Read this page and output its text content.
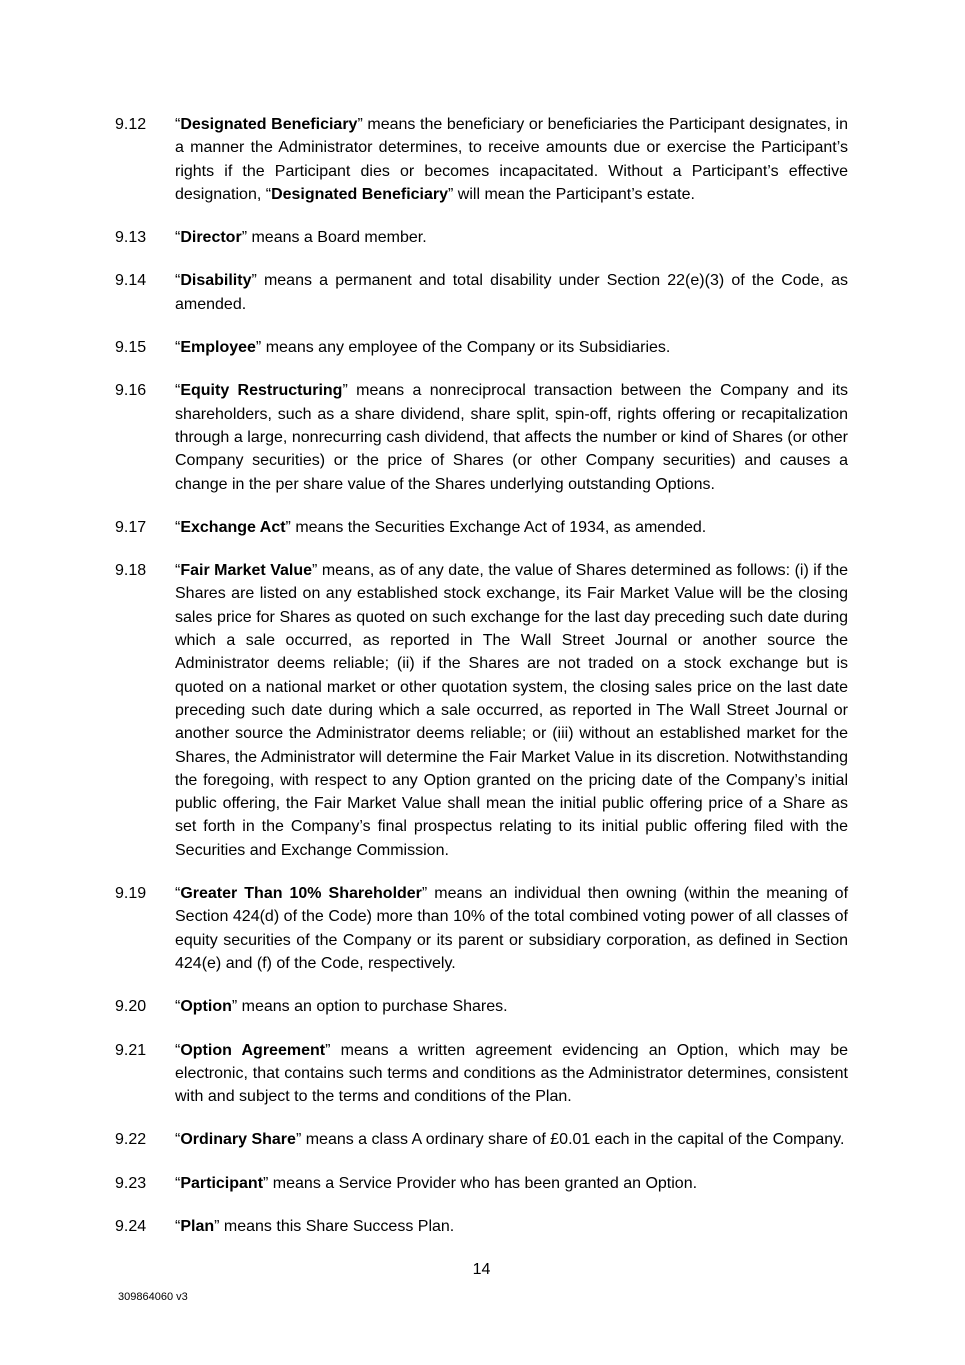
9.12	“Designated Beneficiary” means the beneficiary or beneficiaries the Participant designates, in a manner the Administrator determines, to receive amounts due or exercise the Participant’s rights if the Participant dies or becomes incapacitated. Without a Participant’s effective designation, “Designated Beneficiary” will mean the Participant’s estate.
9.13	“Director” means a Board member.
9.14	“Disability” means a permanent and total disability under Section 22(e)(3) of the Code, as amended.
9.15	“Employee” means any employee of the Company or its Subsidiaries.
9.16	“Equity Restructuring” means a nonreciprocal transaction between the Company and its shareholders, such as a share dividend, share split, spin-off, rights offering or recapitalization through a large, nonrecurring cash dividend, that affects the number or kind of Shares (or other Company securities) or the price of Shares (or other Company securities) and causes a change in the per share value of the Shares underlying outstanding Options.
9.17	“Exchange Act” means the Securities Exchange Act of 1934, as amended.
9.18	“Fair Market Value” means, as of any date, the value of Shares determined as follows: (i) if the Shares are listed on any established stock exchange, its Fair Market Value will be the closing sales price for Shares as quoted on such exchange for the last day preceding such date during which a sale occurred, as reported in The Wall Street Journal or another source the Administrator deems reliable; (ii) if the Shares are not traded on a stock exchange but is quoted on a national market or other quotation system, the closing sales price on the last date preceding such date during which a sale occurred, as reported in The Wall Street Journal or another source the Administrator deems reliable; or (iii) without an established market for the Shares, the Administrator will determine the Fair Market Value in its discretion. Notwithstanding the foregoing, with respect to any Option granted on the pricing date of the Company’s initial public offering, the Fair Market Value shall mean the initial public offering price of a Share as set forth in the Company’s final prospectus relating to its initial public offering filed with the Securities and Exchange Commission.
9.19	“Greater Than 10% Shareholder” means an individual then owning (within the meaning of Section 424(d) of the Code) more than 10% of the total combined voting power of all classes of equity securities of the Company or its parent or subsidiary corporation, as defined in Section 424(e) and (f) of the Code, respectively.
9.20	“Option” means an option to purchase Shares.
9.21	“Option Agreement” means a written agreement evidencing an Option, which may be electronic, that contains such terms and conditions as the Administrator determines, consistent with and subject to the terms and conditions of the Plan.
9.22	“Ordinary Share” means a class A ordinary share of £0.01 each in the capital of the Company.
9.23	“Participant” means a Service Provider who has been granted an Option.
9.24	“Plan” means this Share Success Plan.
14
309864060 v3
